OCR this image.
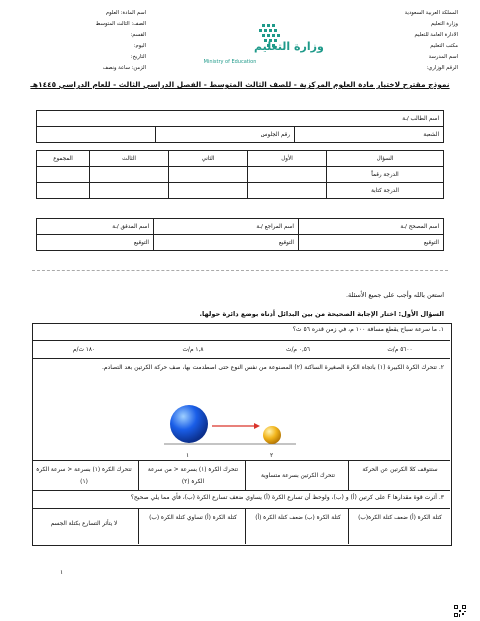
المملكة العربية السعودية
وزارة التعليم
الادارة العامة للتعليم
مكتب التعليم
اسم المدرسة
الرقم الوزاري:
اسم المادة: العلوم
الصف: الثالث المتوسط
القسم:
اليوم:
التاريخ:
الزمن: ساعة ونصف
وزارة التعليم
Ministry of Education
نموذج مقترح لاختبار مادة العلوم المركزية - للصف الثالث المتوسط - الفصل الدراسي الثالث - للعام الدراسي ١٤٤٥هـ
اسم الطالب /ـة
الشعبة	رقم الجلوس	
السؤال	الأول	الثاني	الثالث	المجموع
الدرجة رقماً				
الدرجة كتابة				
اسم المصحح /ـة	اسم المراجع /ـة	اسم المدقق /ـة
التوقيع	التوقيع	التوقيع
استعن بالله وأجب على جميع الأسئلة.
السؤال الأول: اختار الإجابة الصحيحة من بين البدائل أدناه بوضع دائرة حولها.
١. ما سرعة سباح يقطع مسافة ١٠٠ م، في زمن قدره ٥٦ ث؟
٥٦٠٠ م/ث
٠,٥٦ م/ث
١,٨ م/ث
١٨٠ ث/م
٢. تتحرك الكرة الكبيرة (١) باتجاه الكرة الصغيرة الساكنة (٢) المصنوعة من نفس النوع حتى اصطدمت بها، صف حركة الكرتين بعد التصادم.
١	٢
ستتوقف كلا الكرتين عن الحركة
تتحرك الكرتين بسرعة متساوية
تتحرك الكرة (١) بسرعة < من سرعة الكرة (٢)
تتحرك الكرة (١) بسرعة < سرعة الكرة (١)
٣. أثرت قوة مقدارها F على كرتين (أ) و (ب)، ولوحظ أن تسارع الكرة (أ) يساوي ضعف تسارع الكرة (ب)، فأي مما يلي صحيح؟
كتلة الكرة (أ) ضعف كتلة الكرة(ب)
كتلة الكرة (ب) ضعف كتلة الكرة (أ)
كتلة الكرة (أ) تساوي كتلة الكرة (ب)
لا يتأثر التسارع بكتلة الجسم
١
